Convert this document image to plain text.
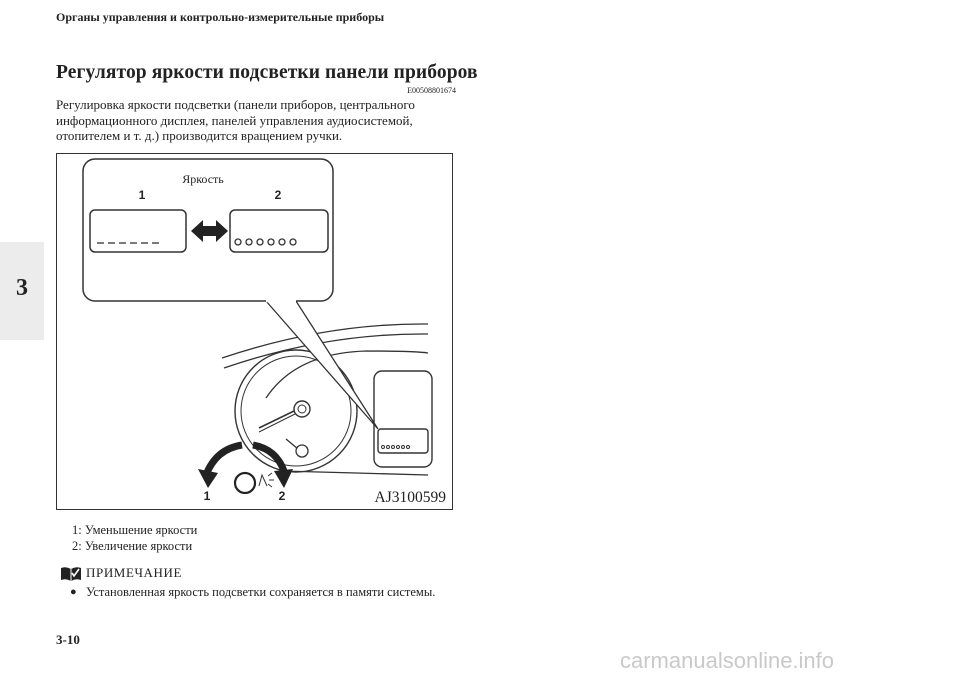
Органы управления и контрольно-измерительные приборы
Регулятор яркости подсветки панели приборов
E00508801674
Регулировка яркости подсветки (панели приборов, центрального
информационного дисплея, панелей управления аудиосистемой,
отопителем и т. д.) производится вращением ручки.
3
Яркость
1	2
1	2	AJ3100599
1: Уменьшение яркости
2: Увеличение яркости
ПРИМЕЧАНИЕ
● Установленная яркость подсветки сохраняется в памяти системы.
3-10
carmanualsonline.info
